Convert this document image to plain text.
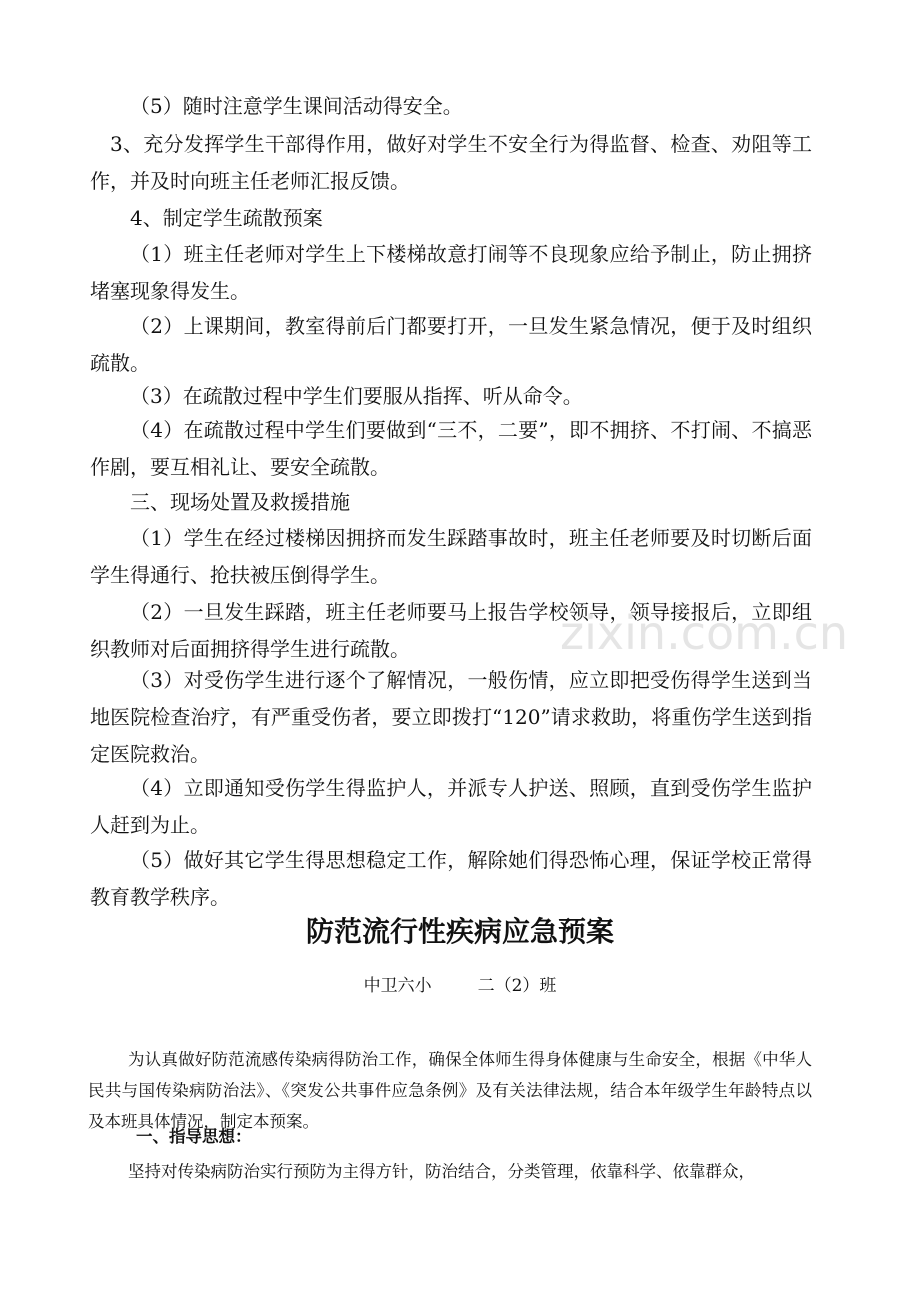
（5）随时注意学生课间活动得安全。

3、充分发挥学生干部得作用，做好对学生不安全行为得监督、检查、劝阻等工作，并及时向班主任老师汇报反馈。

4、制定学生疏散预案

（1）班主任老师对学生上下楼梯故意打闹等不良现象应给予制止，防止拥挤堵塞现象得发生。

（2）上课期间，教室得前后门都要打开，一旦发生紧急情况，便于及时组织疏散。

（3）在疏散过程中学生们要服从指挥、听从命令。

（4）在疏散过程中学生们要做到“三不，二要”，即不拥挤、不打闹、不搞恶作剧，要互相礼让、要安全疏散。

三、现场处置及救援措施

（1）学生在经过楼梯因拥挤而发生踩踏事故时，班主任老师要及时切断后面学生得通行、抢扶被压倒得学生。

（2）一旦发生踩踏，班主任老师要马上报告学校领导，领导接报后，立即组织教师对后面拥挤得学生进行疏散。

（3）对受伤学生进行逐个了解情况，一般伤情，应立即把受伤得学生送到当地医院检查治疗，有严重受伤者，要立即拨打“120”请求救助，将重伤学生送到指定医院救治。

（4）立即通知受伤学生得监护人，并派专人护送、照顾，直到受伤学生监护人赶到为止。

（5）做好其它学生得思想稳定工作，解除她们得恐怖心理，保证学校正常得教育教学秩序。

防范流行性疾病应急预案

中卫六小	二（2）班

为认真做好防范流感传染病得防治工作，确保全体师生得身体健康与生命安全，根据《中华人民共与国传染病防治法》、《突发公共事件应急条例》及有关法律法规，结合本年级学生年龄特点以及本班具体情况，制定本预案。

一、指导思想：

坚持对传染病防治实行预防为主得方针，防治结合，分类管理，依靠科学、依靠群众，

zixin.com.cn
